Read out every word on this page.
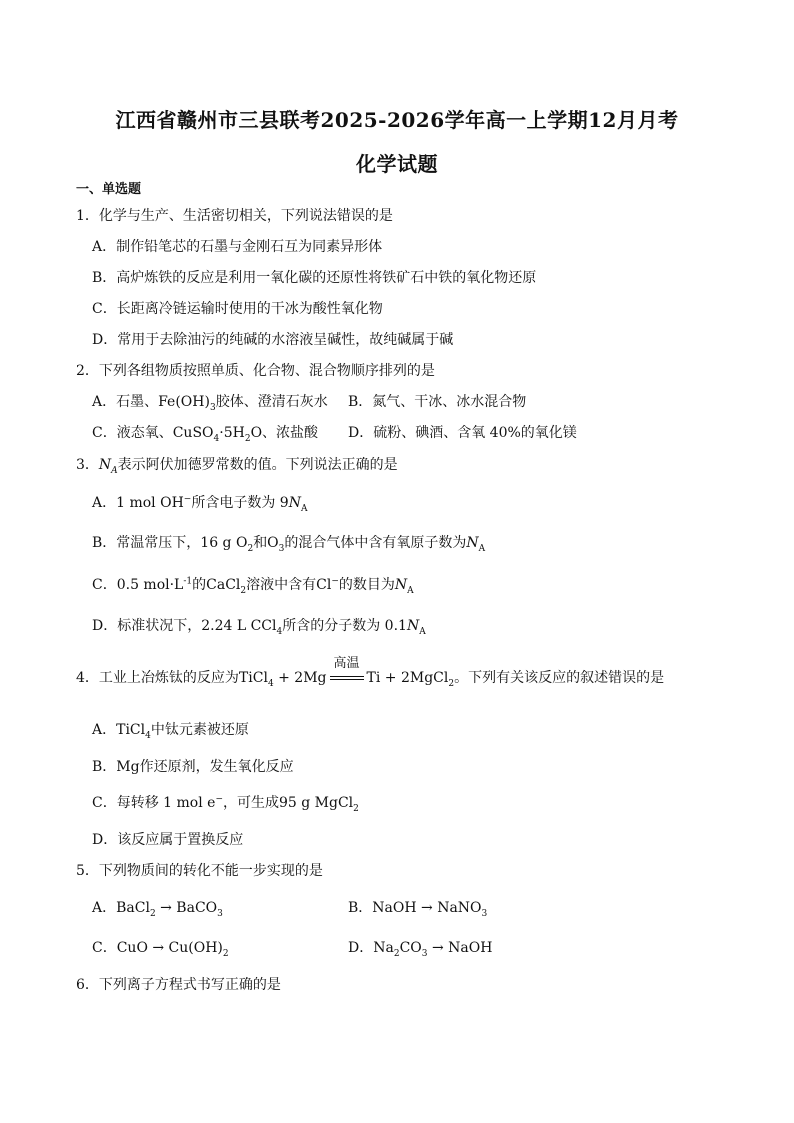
江西省赣州市三县联考2025-2026学年高一上学期12月月考
化学试题
一、单选题
1．化学与生产、生活密切相关，下列说法错误的是
A．制作铅笔芯的石墨与金刚石互为同素异形体
B．高炉炼铁的反应是利用一氧化碳的还原性将铁矿石中铁的氧化物还原
C．长距离冷链运输时使用的干冰为酸性氧化物
D．常用于去除油污的纯碱的水溶液呈碱性，故纯碱属于碱
2．下列各组物质按照单质、化合物、混合物顺序排列的是
A．石墨、$Fe(OH)_3$胶体、澄清石灰水 B．氮气、干冰、冰水混合物
C．液态氧、$CuSO_4\cdot 5H_2O$、浓盐酸 D．硫粉、碘酒、含氧 40%的氧化镁
3．$N_A$表示阿伏加德罗常数的值。下列说法正确的是
A．1 mol OH−所含电子数为 $9N_A$
B．常温常压下，16 g $O_2$和$O_3$的混合气体中含有氧原子数为$N_A$
C．0.5 $mol\cdot L^{-1}$的CaCl$_2$溶液中含有Cl−的数目为$N_A$
D．标准状况下，2.24 L CCl$_4$所含的分子数为 $0.1N_A$
4．工业上冶炼钛的反应为TiCl$_4$ + 2Mg
高温
Ti + 2MgCl$_2$。下列有关该反应的叙述错误的是
A．TiCl$_4$中钛元素被还原
B．Mg作还原剂，发生氧化反应
C．每转移 1 mol e−，可生成95 g MgCl$_2$
D．该反应属于置换反应
5．下列物质间的转化不能一步实现的是
A．BaCl$_2$ → BaCO$_3$	B．NaOH → NaNO$_3$
C．CuO → $Cu(OH)_2$	D．$Na_2CO_3$ → NaOH
6．下列离子方程式书写正确的是
